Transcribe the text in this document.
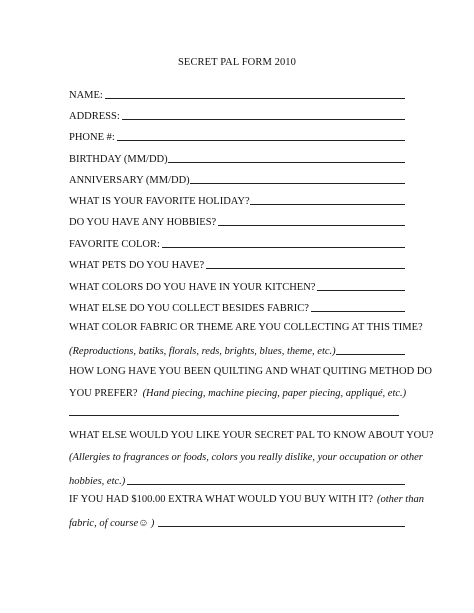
SECRET PAL FORM 2010
NAME:
ADDRESS:
PHONE #:
BIRTHDAY (MM/DD)
ANNIVERSARY (MM/DD)
WHAT IS YOUR FAVORITE HOLIDAY?
DO YOU HAVE ANY HOBBIES?
FAVORITE COLOR:
WHAT PETS DO YOU HAVE?
WHAT COLORS DO YOU HAVE IN YOUR KITCHEN?
WHAT ELSE DO YOU COLLECT BESIDES FABRIC?
WHAT COLOR FABRIC OR THEME ARE YOU COLLECTING AT THIS TIME?
(Reproductions, batiks, florals, reds, brights, blues, theme, etc.)
HOW LONG HAVE YOU BEEN QUILTING AND WHAT QUITING METHOD DO
YOU PREFER? (Hand piecing, machine piecing, paper piecing, appliqué, etc.)
WHAT ELSE WOULD YOU LIKE YOUR SECRET PAL TO KNOW ABOUT YOU?
(Allergies to fragrances or foods, colors you really dislike, your occupation or other
hobbies, etc.)
IF YOU HAD $100.00 EXTRA WHAT WOULD YOU BUY WITH IT? (other than
fabric, of course ☺ )
